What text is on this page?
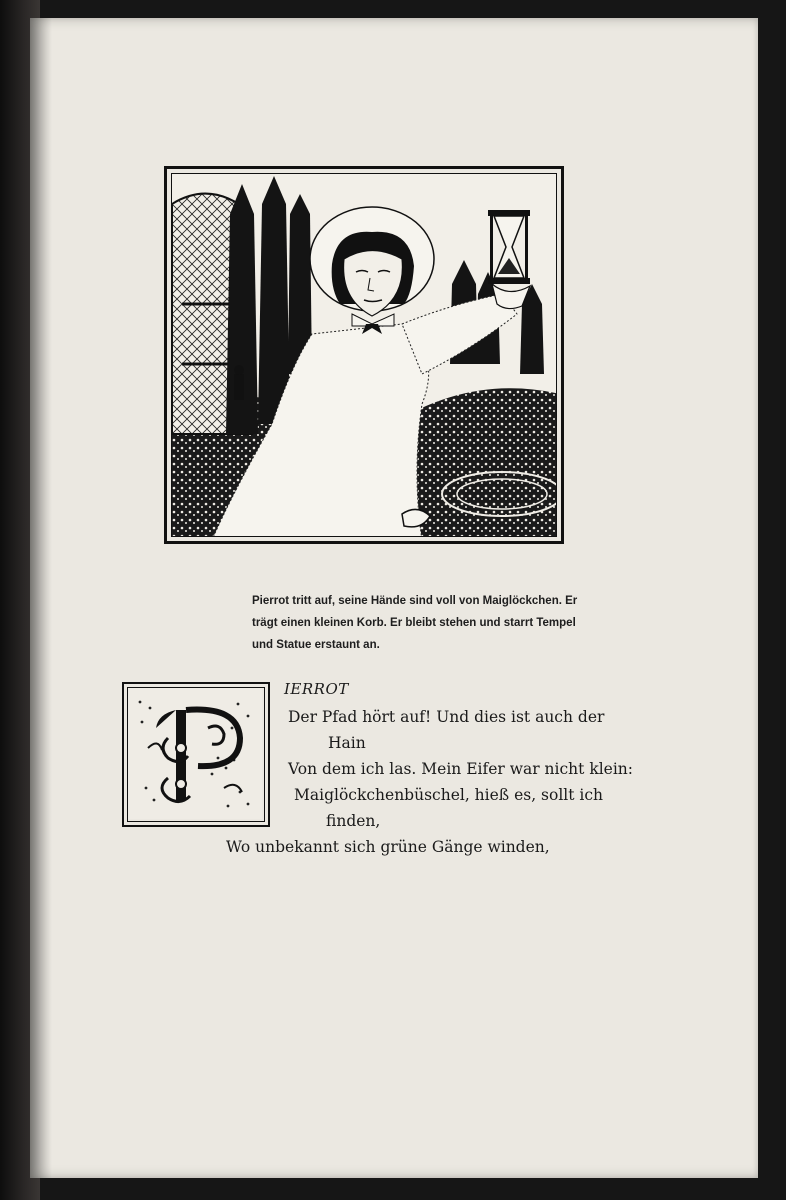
Pierrot tritt auf, seine Hände sind voll von Maiglöckchen. Er
trägt einen kleinen Korb. Er bleibt stehen und starrt Tempel
und Statue erstaunt an.
IERROT
Der Pfad hört auf! Und dies ist auch der
Hain
Von dem ich las. Mein Eifer war nicht klein:
Maiglöckchenbüschel, hieß es, sollt ich
finden,
Wo unbekannt sich grüne Gänge winden,
